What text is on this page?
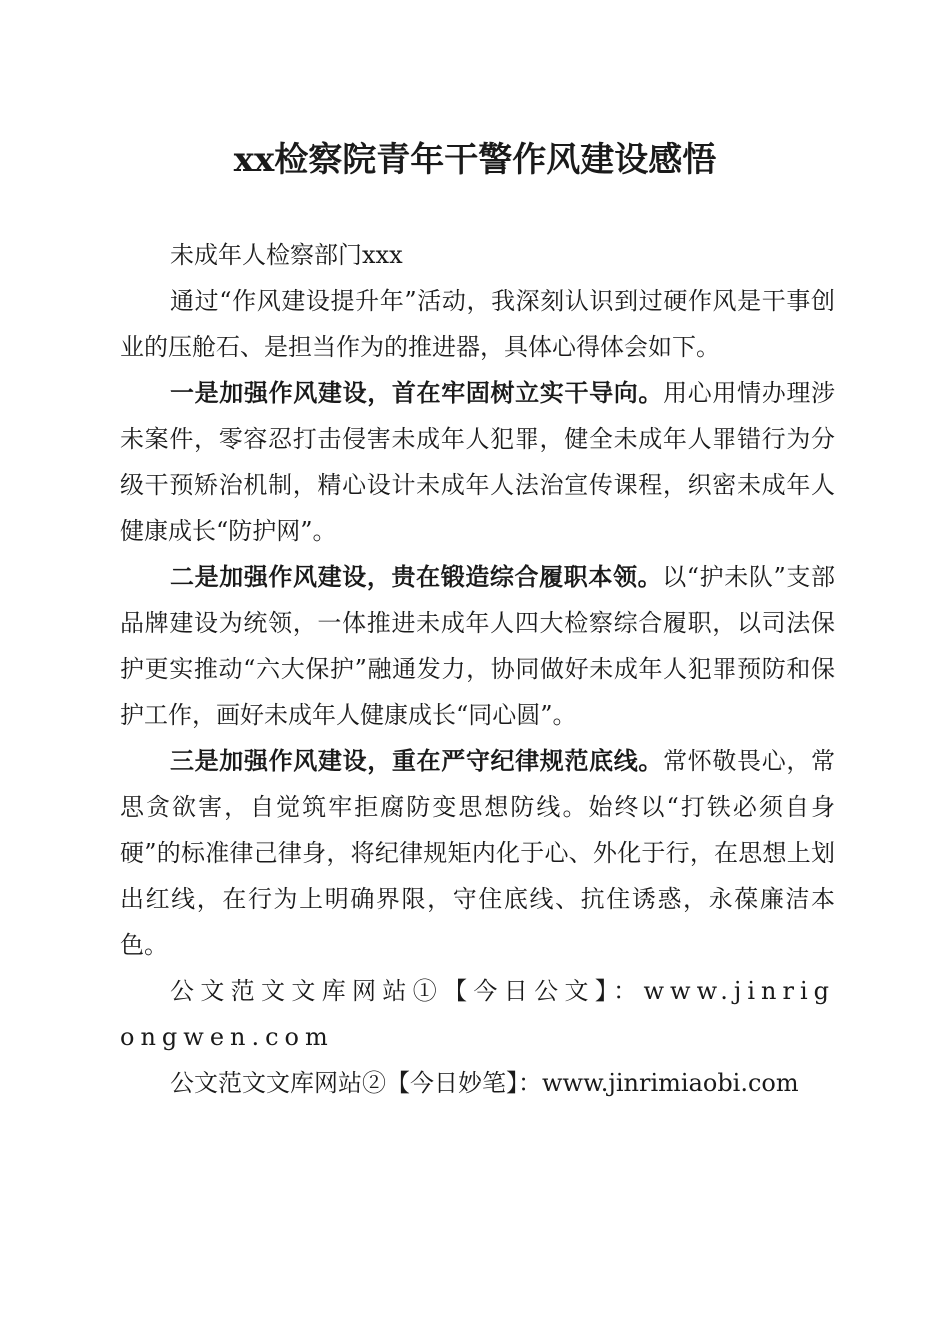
xx检察院青年干警作风建设感悟

未成年人检察部门xxx

通过“作风建设提升年”活动，我深刻认识到过硬作风是干事创业的压舱石、是担当作为的推进器，具体心得体会如下。

一是加强作风建设，首在牢固树立实干导向。用心用情办理涉未案件，零容忍打击侵害未成年人犯罪，健全未成年人罪错行为分级干预矫治机制，精心设计未成年人法治宣传课程，织密未成年人健康成长“防护网”。

二是加强作风建设，贵在锻造综合履职本领。以“护未队”支部品牌建设为统领，一体推进未成年人四大检察综合履职，以司法保护更实推动“六大保护”融通发力，协同做好未成年人犯罪预防和保护工作，画好未成年人健康成长“同心圆”。

三是加强作风建设，重在严守纪律规范底线。常怀敬畏心，常思贪欲害，自觉筑牢拒腐防变思想防线。始终以“打铁必须自身硬”的标准律己律身，将纪律规矩内化于心、外化于行，在思想上划出红线，在行为上明确界限，守住底线、抗住诱惑，永葆廉洁本色。

公文范文文库网站①【今日公文】：www.jinrigongwen.com

公文范文文库网站②【今日妙笔】：www.jinrimiaobi.com
